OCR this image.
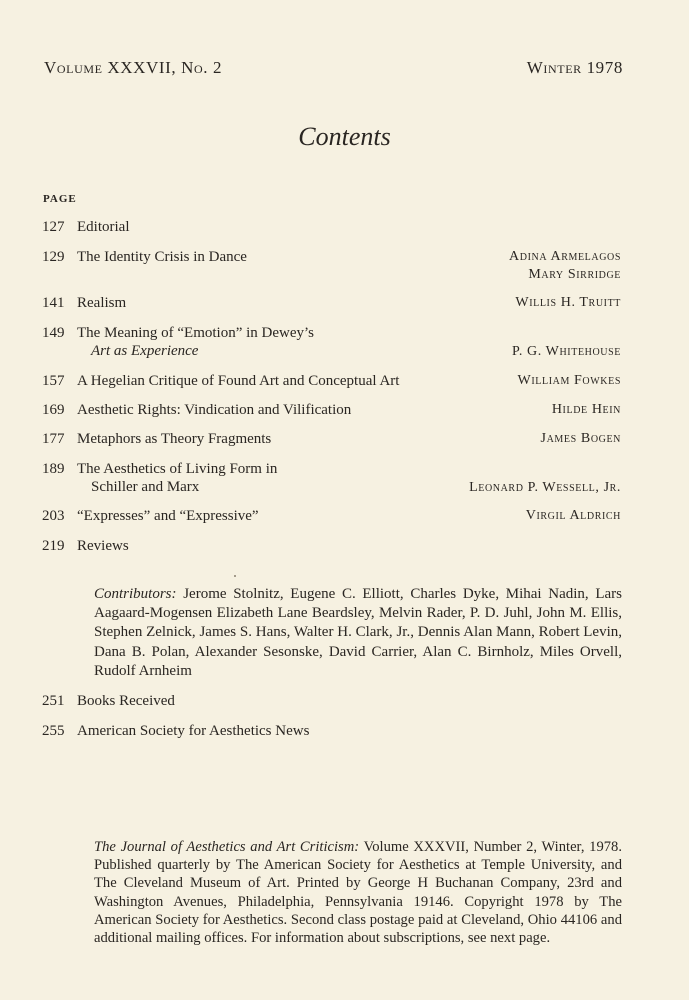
Volume XXXVII, No. 2	Winter 1978
Contents
PAGE
127 Editorial
129 The Identity Crisis in Dance	Adina Armelagos
Mary Sirridge
141 Realism	Willis H. Truitt
149 The Meaning of “Emotion” in Dewey’s
Art as Experience	P. G. Whitehouse
157 A Hegelian Critique of Found Art and Conceptual Art	William Fowkes
169 Aesthetic Rights: Vindication and Vilification	Hilde Hein
177 Metaphors as Theory Fragments	James Bogen
189 The Aesthetics of Living Form in
Schiller and Marx	Leonard P. Wessell, Jr.
203 “Expresses” and “Expressive”	Virgil Aldrich
219 Reviews
Contributors: Jerome Stolnitz, Eugene C. Elliott, Charles Dyke, Mihai Nadin, Lars Aagaard-Mogensen Elizabeth Lane Beardsley, Melvin Rader, P. D. Juhl, John M. Ellis, Stephen Zelnick, James S. Hans, Walter H. Clark, Jr., Dennis Alan Mann, Robert Levin, Dana B. Polan, Alexander Sesonske, David Carrier, Alan C. Birnholz, Miles Orvell, Rudolf Arnheim
251 Books Received
255 American Society for Aesthetics News
The Journal of Aesthetics and Art Criticism: Volume XXXVII, Number 2, Winter, 1978. Published quarterly by The American Society for Aesthetics at Temple University, and The Cleveland Museum of Art. Printed by George H Buchanan Company, 23rd and Washington Avenues, Philadelphia, Pennsylvania 19146. Copyright 1978 by The American Society for Aesthetics. Second class postage paid at Cleveland, Ohio 44106 and additional mailing offices. For information about subscriptions, see next page.
